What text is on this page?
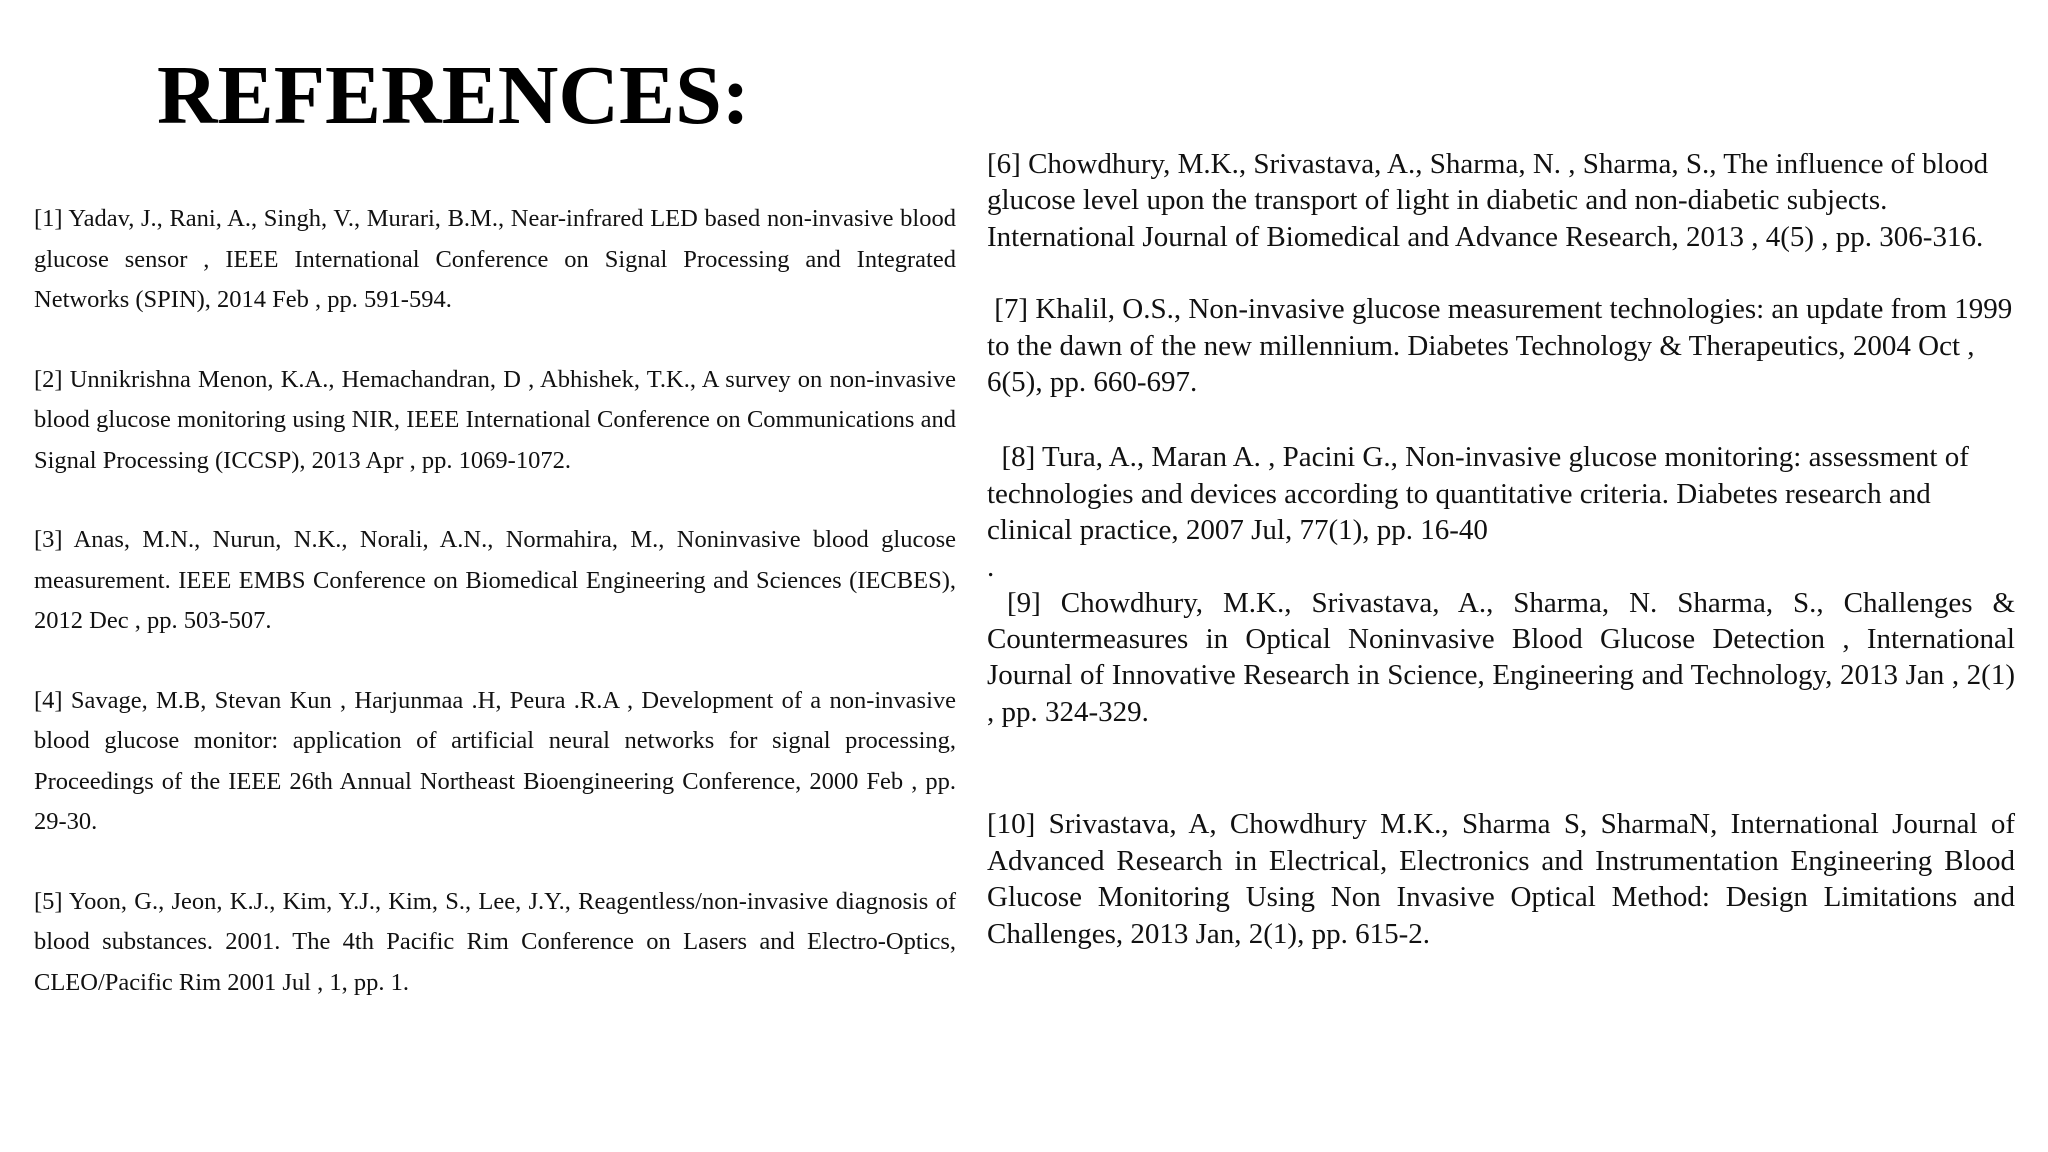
REFERENCES:

[1] Yadav, J., Rani, A., Singh, V., Murari, B.M., Near-infrared LED based non-invasive blood glucose sensor , IEEE International Conference on Signal Processing and Integrated Networks (SPIN), 2014 Feb , pp. 591-594.

[2] Unnikrishna Menon, K.A., Hemachandran, D , Abhishek, T.K., A survey on non-invasive blood glucose monitoring using NIR, IEEE International Conference on Communications and Signal Processing (ICCSP), 2013 Apr , pp. 1069-1072.

[3] Anas, M.N., Nurun, N.K., Norali, A.N., Normahira, M., Noninvasive blood glucose measurement. IEEE EMBS Conference on Biomedical Engineering and Sciences (IECBES), 2012 Dec , pp. 503-507.

[4] Savage, M.B, Stevan Kun , Harjunmaa .H, Peura .R.A , Development of a non-invasive blood glucose monitor: application of artificial neural networks for signal processing, Proceedings of the IEEE 26th Annual Northeast Bioengineering Conference, 2000 Feb , pp. 29-30.

[5] Yoon, G., Jeon, K.J., Kim, Y.J., Kim, S., Lee, J.Y., Reagentless/non-invasive diagnosis of blood substances. 2001. The 4th Pacific Rim Conference on Lasers and Electro-Optics, CLEO/Pacific Rim 2001 Jul , 1, pp. 1.

[6] Chowdhury, M.K., Srivastava, A., Sharma, N. , Sharma, S., The influence of blood glucose level upon the transport of light in diabetic and non-diabetic subjects. International Journal of Biomedical and Advance Research, 2013 , 4(5) , pp. 306-316.

[7] Khalil, O.S., Non-invasive glucose measurement technologies: an update from 1999 to the dawn of the new millennium. Diabetes Technology & Therapeutics, 2004 Oct , 6(5), pp. 660-697.

[8] Tura, A., Maran A. , Pacini G., Non-invasive glucose monitoring: assessment of technologies and devices according to quantitative criteria. Diabetes research and clinical practice, 2007 Jul, 77(1), pp. 16-40

.

[9] Chowdhury, M.K., Srivastava, A., Sharma, N. Sharma, S., Challenges & Countermeasures in Optical Noninvasive Blood Glucose Detection , International Journal of Innovative Research in Science, Engineering and Technology, 2013 Jan , 2(1) , pp. 324-329.

[10] Srivastava, A, Chowdhury M.K., Sharma S, SharmaN, International Journal of Advanced Research in Electrical, Electronics and Instrumentation Engineering Blood Glucose Monitoring Using Non Invasive Optical Method: Design Limitations and Challenges, 2013 Jan, 2(1), pp. 615-2.
